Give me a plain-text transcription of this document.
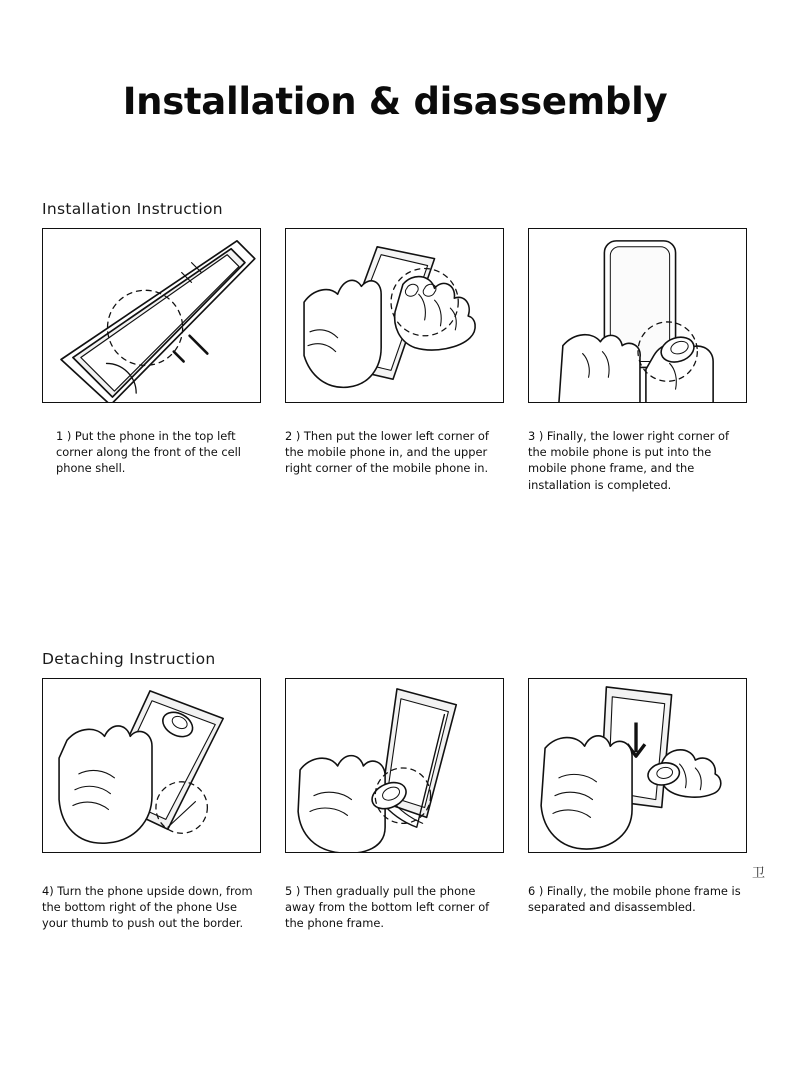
Installation & disassembly
Installation Instruction
1 ) Put the phone in the top left corner along the front of the cell phone shell.
2 ) Then put the lower left corner of the mobile phone in, and the upper right corner of the mobile phone in.
3 ) Finally, the lower right corner of the mobile phone is put into the mobile phone frame, and the installation is completed.
Detaching Instruction
4) Turn the phone upside down, from the bottom right of the phone Use your thumb to push out the border.
5 ) Then gradually pull the phone away from the bottom left corner of the phone frame.
6 ) Finally, the mobile phone frame is separated and disassembled.
卫
